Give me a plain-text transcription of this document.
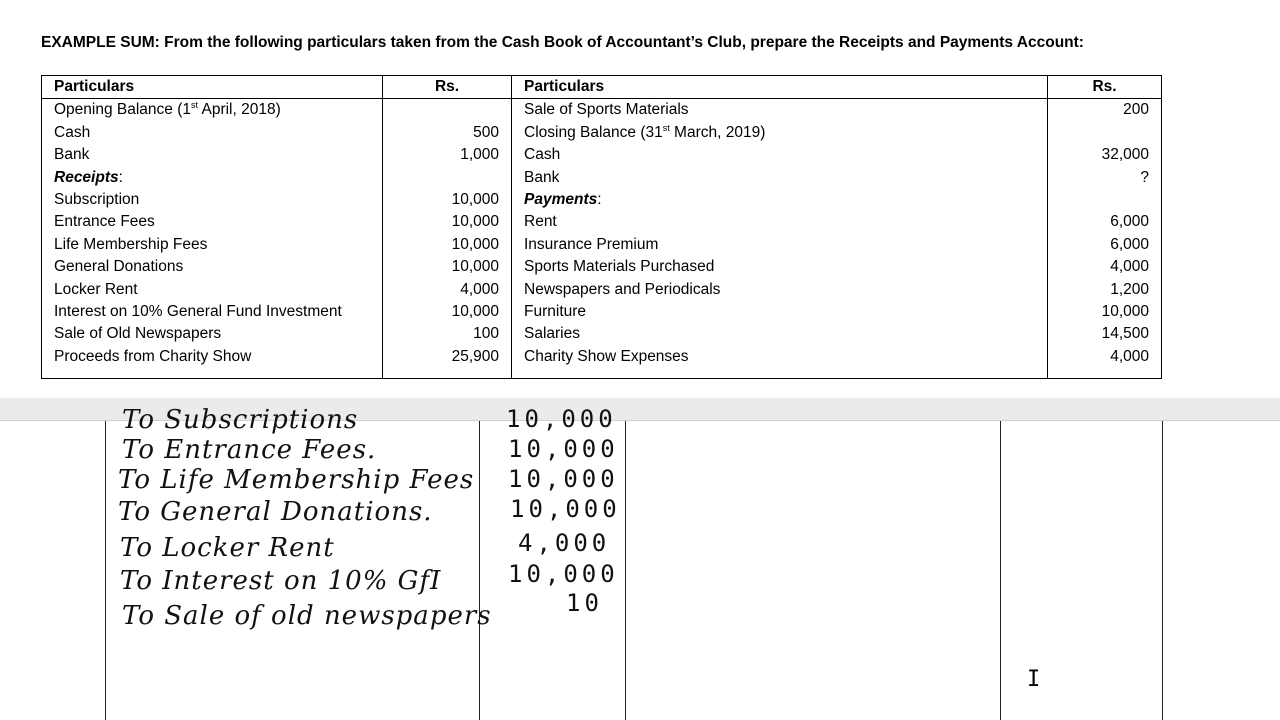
EXAMPLE SUM: From the following particulars taken from the Cash Book of Accountant’s Club, prepare the Receipts and Payments Account:
Particulars	Rs.	Particulars	Rs.
Opening Balance (1st April, 2018)		Sale of Sports Materials	200
Cash	500	Closing Balance (31st March, 2019)	
Bank	1,000	Cash	32,000
Receipts:		Bank	?
Subscription	10,000	Payments:	
Entrance Fees	10,000	Rent	6,000
Life Membership Fees	10,000	Insurance Premium	6,000
General Donations	10,000	Sports Materials Purchased	4,000
Locker Rent	4,000	Newspapers and Periodicals	1,200
Interest on 10% General Fund Investment	10,000	Furniture	10,000
Sale of Old Newspapers	100	Salaries	14,500
Proceeds from Charity Show	25,900	Charity Show Expenses	4,000
To Subscriptions	10,000
To Entrance Fees.	10,000
To Life Membership Fees 10,000
To General Donations.	10,000
To Locker Rent	4,000
To Interest on 10% GfI	10,000
To Sale of old newspapers	10
I
